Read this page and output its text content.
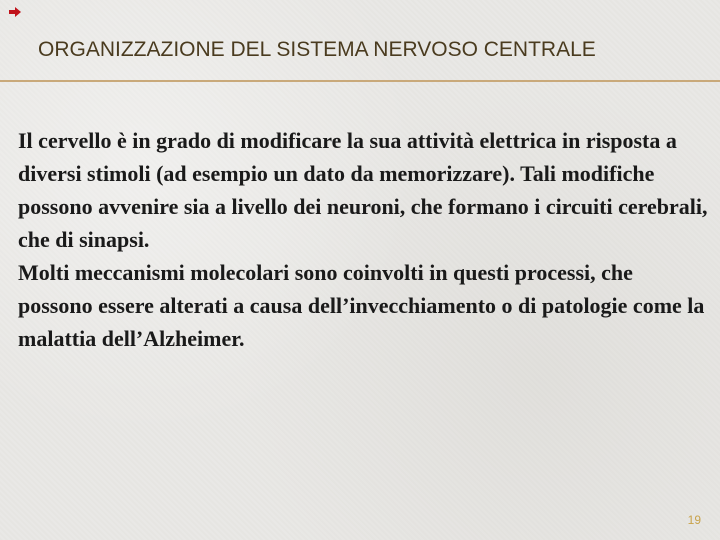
ORGANIZZAZIONE DEL SISTEMA NERVOSO CENTRALE

Il cervello è in grado di modificare la sua attività elettrica in risposta a diversi stimoli (ad esempio un dato da memorizzare). Tali modifiche possono avvenire sia a livello dei neuroni, che formano i circuiti cerebrali, che di sinapsi.

Molti meccanismi molecolari sono coinvolti in questi processi, che possono essere alterati a causa dell’invecchiamento o di patologie come la malattia dell’Alzheimer.

19
